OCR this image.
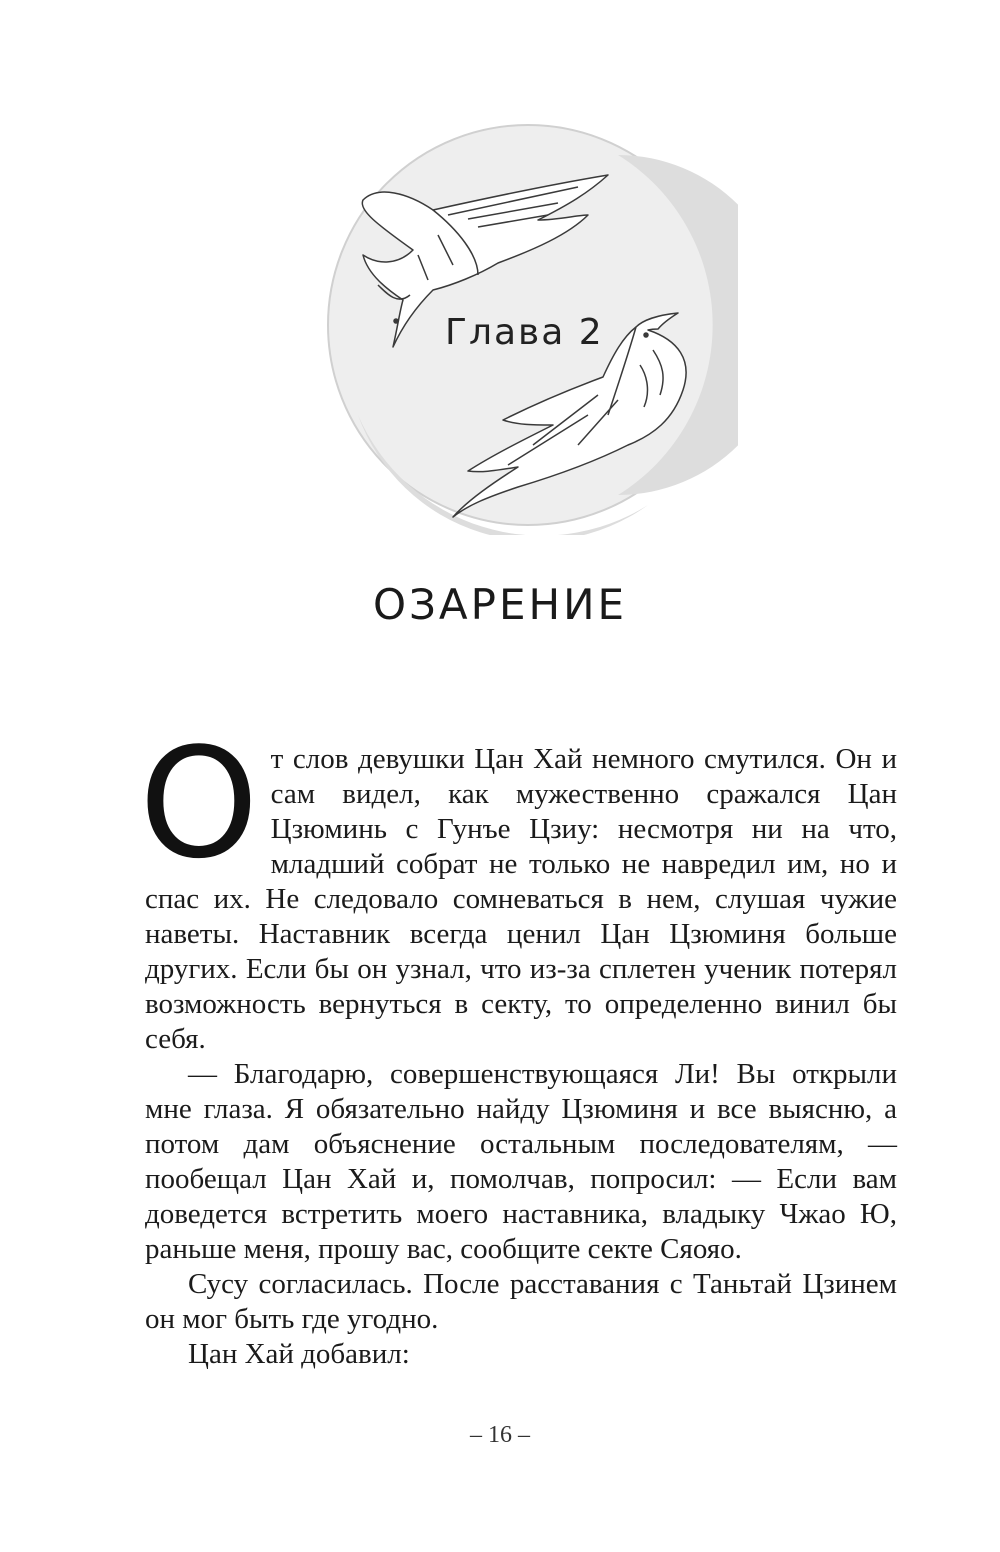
Глава 2
ОЗАРЕНИЕ

От слов девушки Цан Хай немного смутился. Он и сам видел, как мужественно сражался Цан Цзюминь с Гунъе Цзиу: несмотря ни на что, младший собрат не только не навредил им, но и спас их. Не следовало сомневаться в нем, слушая чужие наветы. Наставник всегда ценил Цан Цзюминя больше других. Если бы он узнал, что из-за сплетен ученик потерял возможность вернуться в секту, то определенно винил бы себя.

— Благодарю, совершенствующаяся Ли! Вы открыли мне глаза. Я обязательно найду Цзюминя и все выясню, а потом дам объяснение остальным последователям, — пообещал Цан Хай и, помолчав, попросил: — Если вам доведется встретить моего наставника, владыку Чжао Ю, раньше меня, прошу вас, сообщите секте Сяояо.

Сусу согласилась. После расставания с Таньтай Цзинем он мог быть где угодно.

Цан Хай добавил:

– 16 –
